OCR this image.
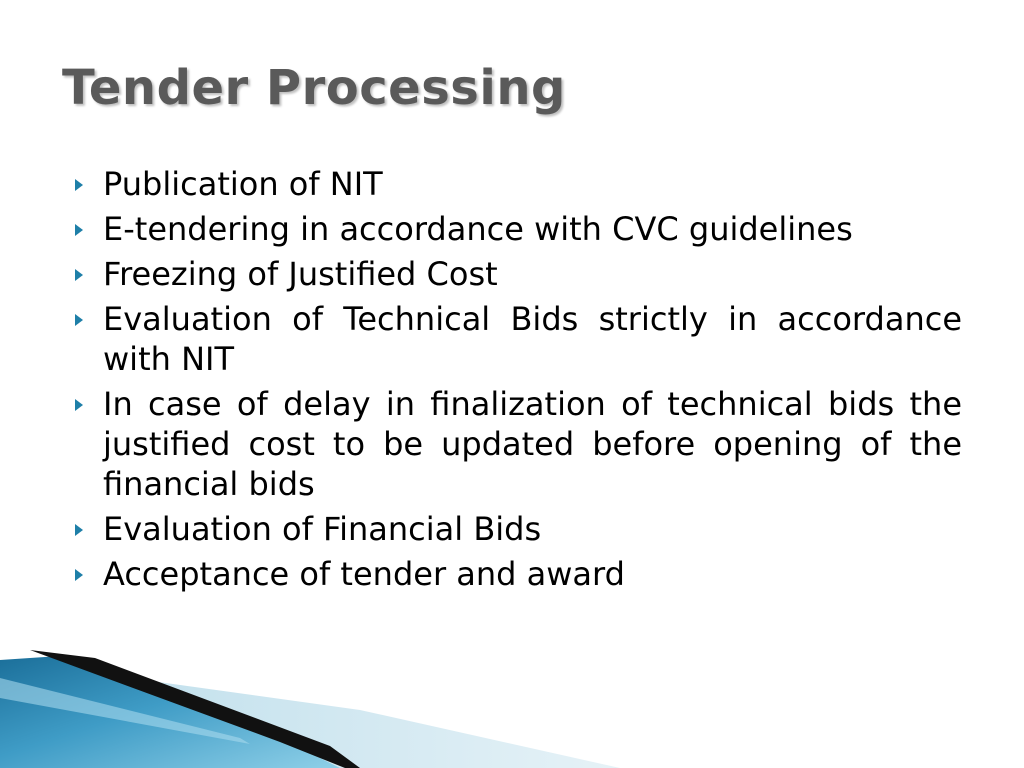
Tender Processing
Publication of NIT
E-tendering in accordance with CVC guidelines
Freezing of Justified Cost
Evaluation of Technical Bids strictly in accordance with NIT
In case of delay in finalization of technical bids the justified cost to be updated before opening of the financial bids
Evaluation of Financial Bids
Acceptance of tender and award
